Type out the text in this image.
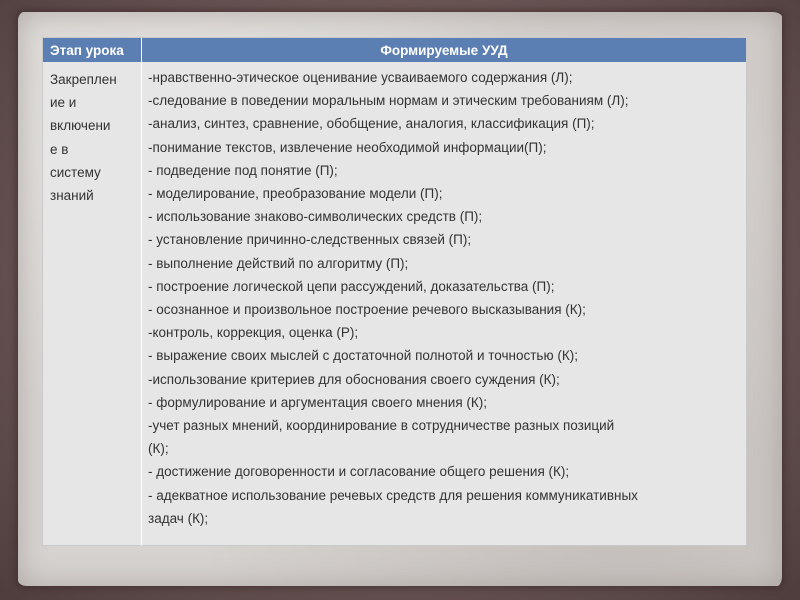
Этап урока	Формируемые УУД
Закреплен
ие и
включени
е в
систему
знаний
-нравственно-этическое оценивание усваиваемого содержания (Л);
-следование в поведении моральным нормам и этическим требованиям (Л);
-анализ, синтез, сравнение, обобщение, аналогия, классификация (П);
-понимание текстов, извлечение необходимой информации(П);
- подведение под понятие (П);
- моделирование, преобразование модели (П);
- использование знаково-символических средств (П);
- установление причинно-следственных связей (П);
- выполнение действий по алгоритму (П);
- построение логической цепи рассуждений, доказательства (П);
- осознанное и произвольное построение речевого высказывания (К);
-контроль, коррекция, оценка (Р);
- выражение своих мыслей с достаточной полнотой и точностью (К);
-использование критериев для обоснования своего суждения (К);
- формулирование и аргументация своего мнения (К);
-учет разных мнений, координирование в сотрудничестве разных позиций
(К);
- достижение договоренности и согласование общего решения (К);
- адекватное использование речевых средств для решения коммуникативных
задач (К);
